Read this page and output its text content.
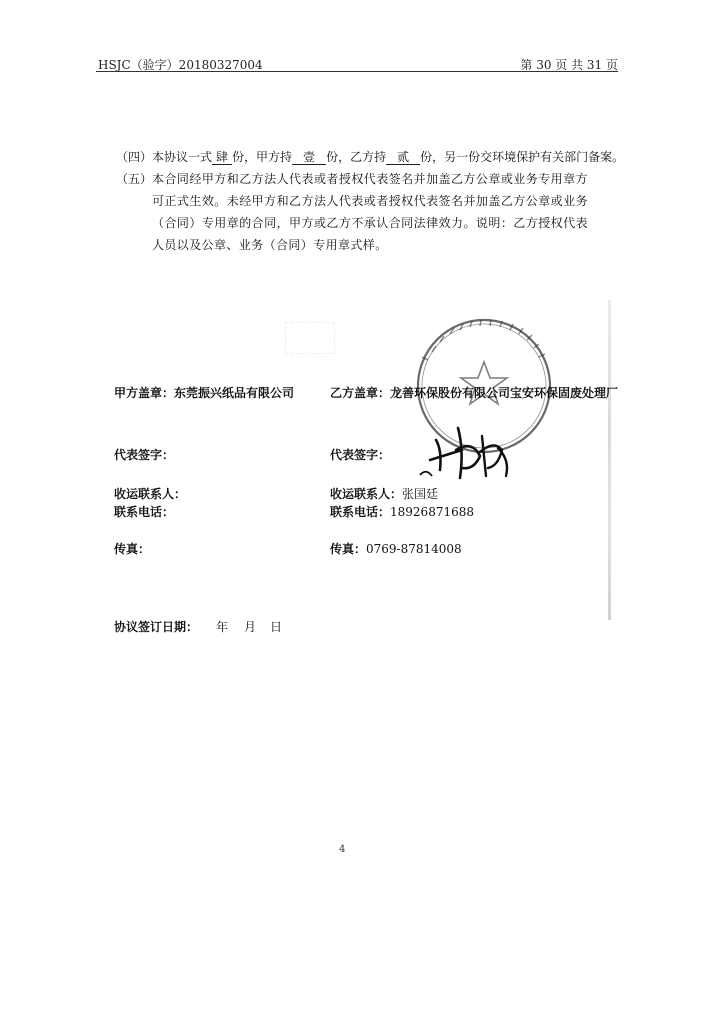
HSJC（验字）20180327004	第 30 页 共 31 页
（四）本协议一式 肆 份，甲方持 壹 份，乙方持 贰 份，另一份交环境保护有关部门备案。
（五） 本合同经甲方和乙方法人代表或者授权代表签名并加盖乙方公章或业务专用章方可正式生效。未经甲方和乙方法人代表或者授权代表签名并加盖乙方公章或业务（合同）专用章的合同，甲方或乙方不承认合同法律效力。说明：乙方授权代表人员以及公章、业务（合同）专用章式样。
甲方盖章：东莞振兴纸品有限公司
代表签字：
收运联系人：
联系电话：
传真：
乙方盖章：龙善环保股份有限公司宝安环保固废处理厂
代表签字：
收运联系人：张国廷
联系电话：18926871688
传真：0769-87814008
协议签订日期： 年 月 日
4
